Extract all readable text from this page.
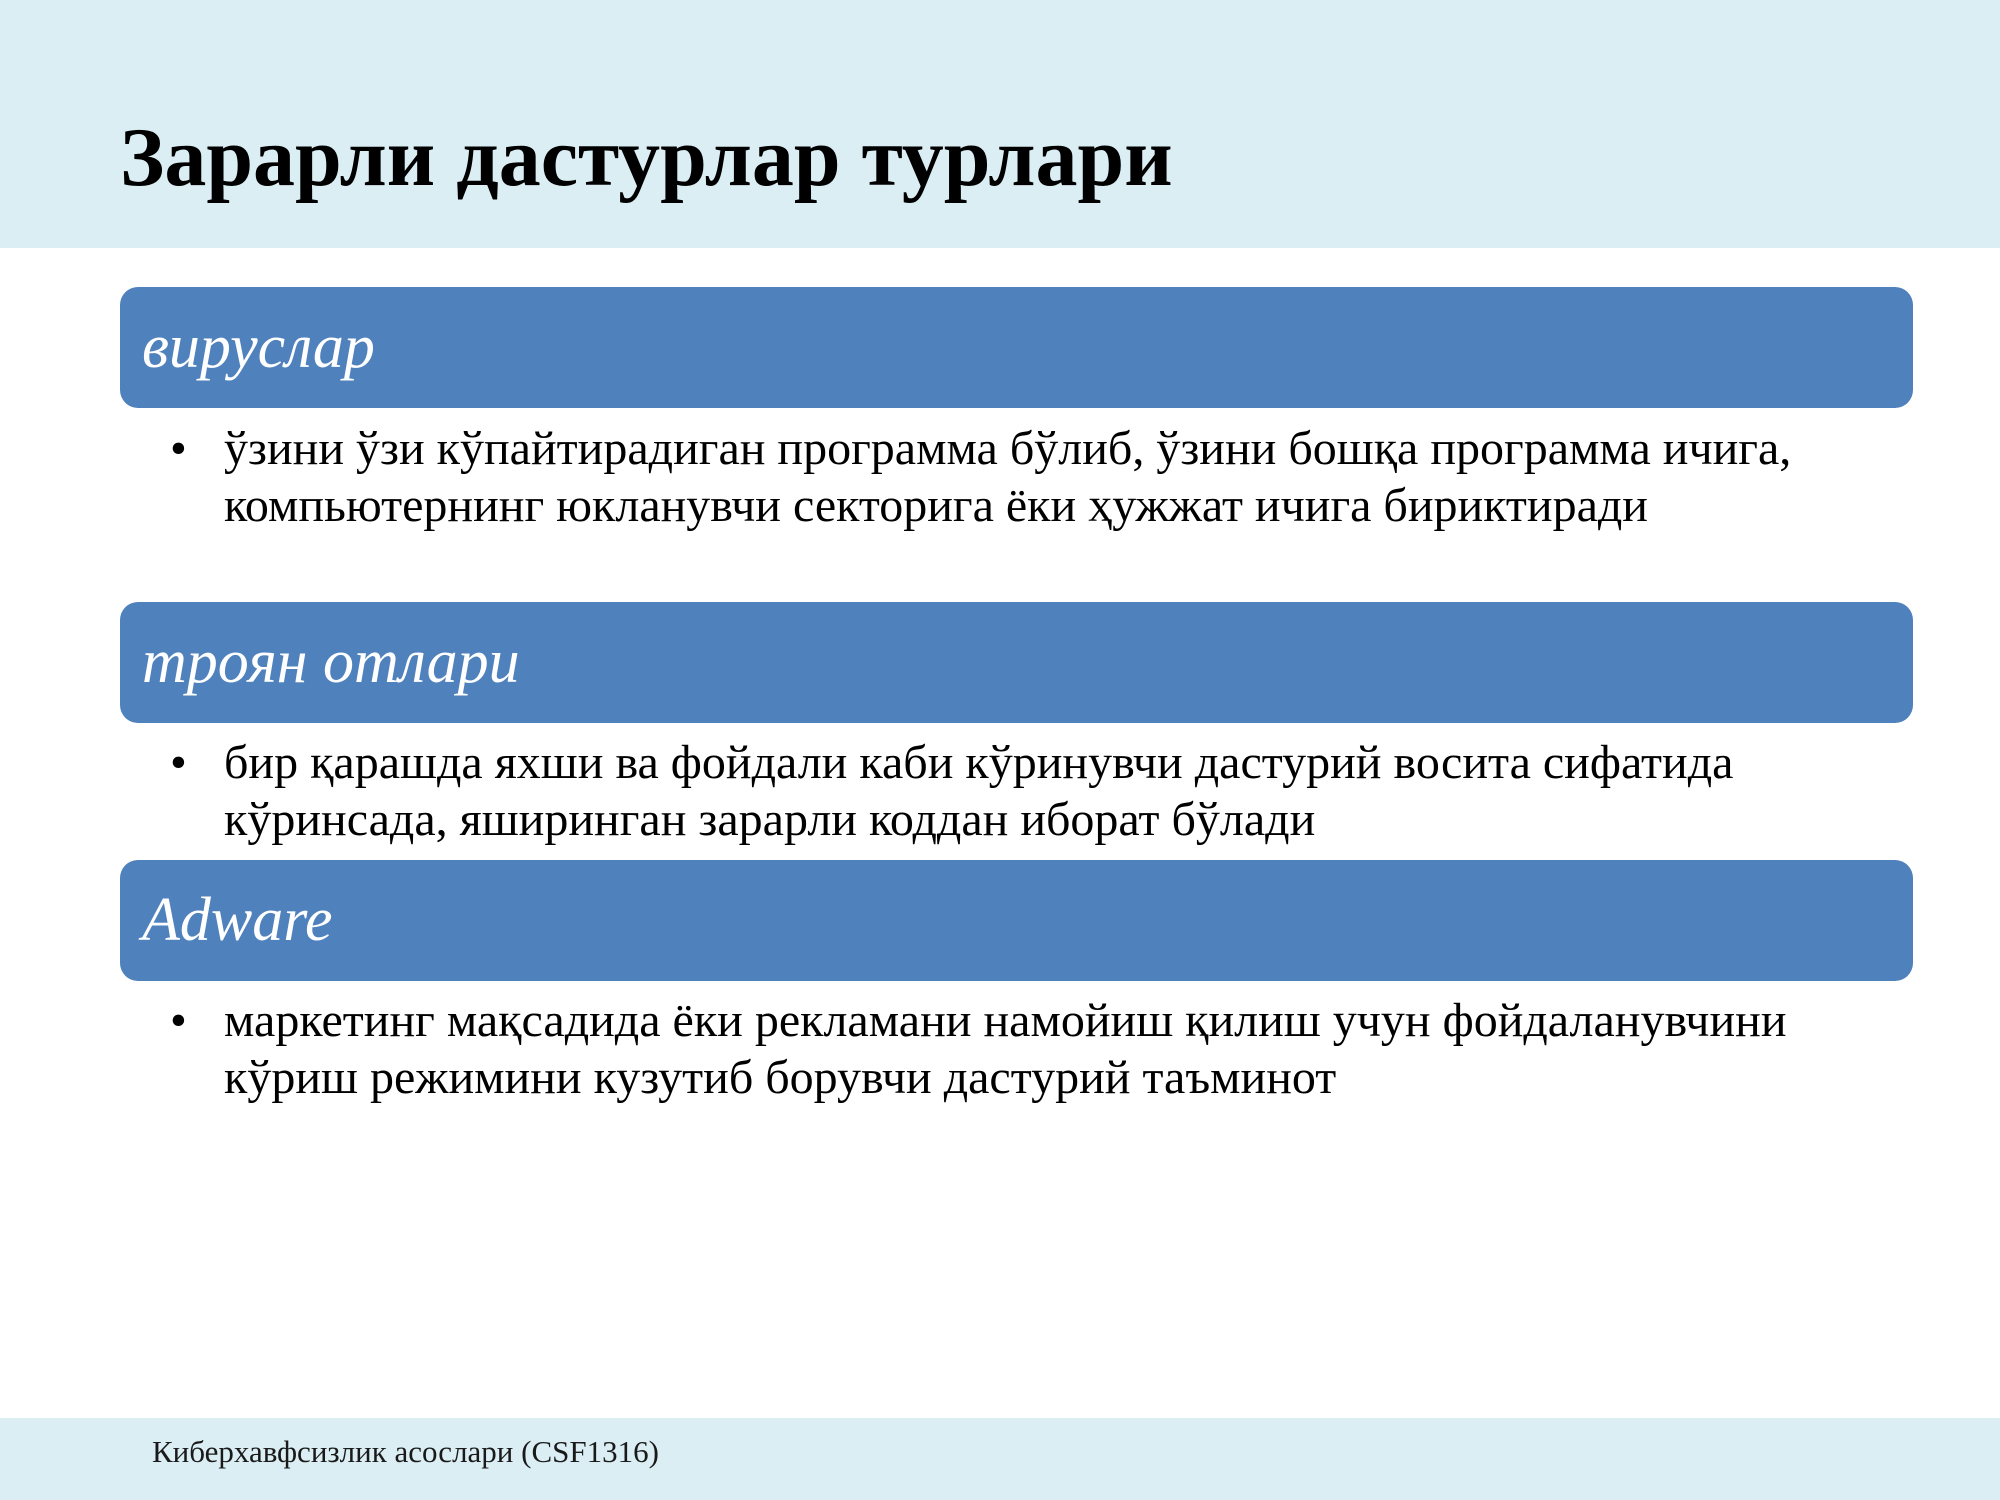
Зарарли дастурлар турлари
вируслар
• ўзини ўзи кўпайтирадиган программа бўлиб, ўзини бошқа программа ичига, компьютернинг юкланувчи секторига ёки ҳужжат ичига бириктиради
троян отлари
• бир қарашда яхши ва фойдали каби кўринувчи дастурий восита сифатида кўринсада, яширинган зарарли коддан иборат бўлади
Adware
• маркетинг мақсадида ёки рекламани намойиш қилиш учун фойдаланувчини кўриш режимини кузутиб борувчи дастурий таъминот
Киберхавфсизлик асослари (CSF1316)
